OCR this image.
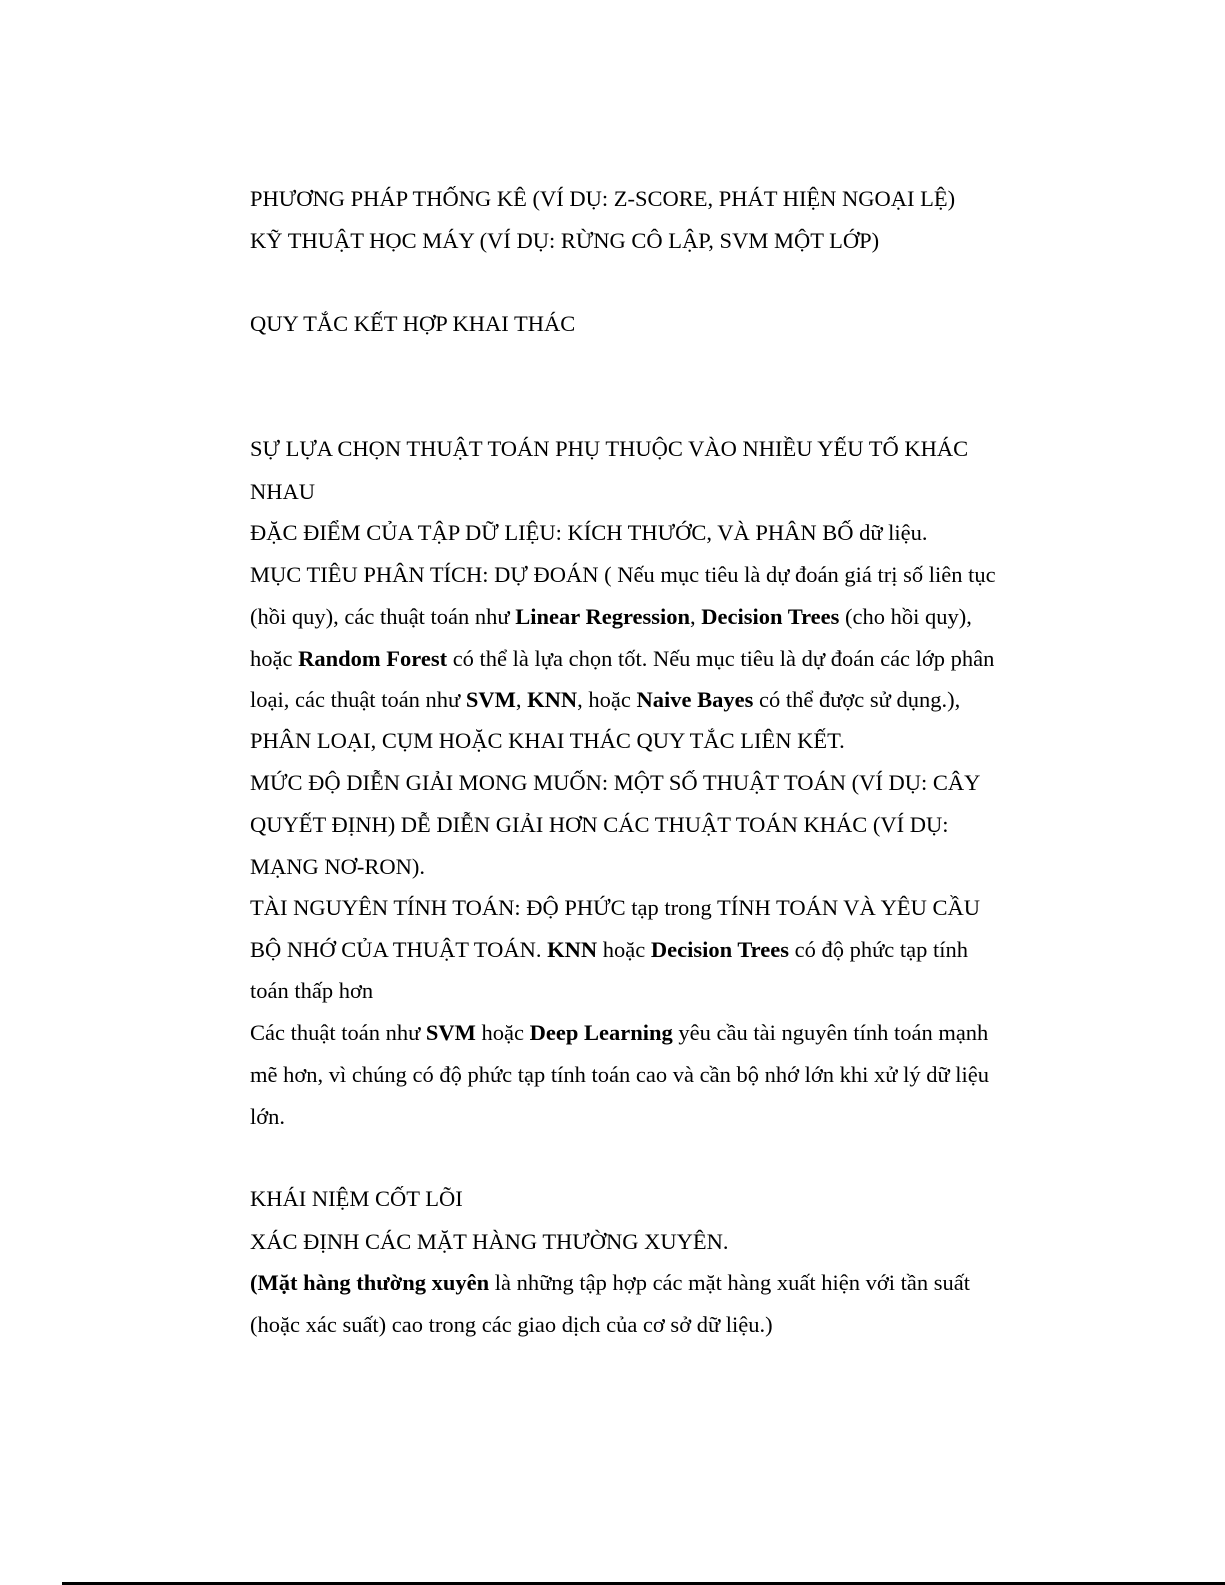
PHƯƠNG PHÁP THỐNG KÊ (VÍ DỤ: Z-SCORE, PHÁT HIỆN NGOẠI LỆ)
KỸ THUẬT HỌC MÁY (VÍ DỤ: RỪNG CÔ LẬP, SVM MỘT LỚP)
QUY TẮC KẾT HỢP KHAI THÁC
SỰ LỰA CHỌN THUẬT TOÁN PHỤ THUỘC VÀO NHIỀU YẾU TỐ KHÁC
NHAU
ĐẶC ĐIỂM CỦA TẬP DỮ LIỆU: KÍCH THƯỚC, VÀ PHÂN BỐ dữ liệu.
MỤC TIÊU PHÂN TÍCH: DỰ ĐOÁN ( Nếu mục tiêu là dự đoán giá trị số liên tục
(hồi quy), các thuật toán như Linear Regression, Decision Trees (cho hồi quy),
hoặc Random Forest có thể là lựa chọn tốt. Nếu mục tiêu là dự đoán các lớp phân
loại, các thuật toán như SVM, KNN, hoặc Naive Bayes có thể được sử dụng.),
PHÂN LOẠI, CỤM HOẶC KHAI THÁC QUY TẮC LIÊN KẾT.
MỨC ĐỘ DIỄN GIẢI MONG MUỐN: MỘT SỐ THUẬT TOÁN (VÍ DỤ: CÂY
QUYẾT ĐỊNH) DỄ DIỄN GIẢI HƠN CÁC THUẬT TOÁN KHÁC (VÍ DỤ:
MẠNG NƠ-RON).
TÀI NGUYÊN TÍNH TOÁN: ĐỘ PHỨC tạp trong TÍNH TOÁN VÀ YÊU CẦU
BỘ NHỚ CỦA THUẬT TOÁN. KNN hoặc Decision Trees có độ phức tạp tính
toán thấp hơn
Các thuật toán như SVM hoặc Deep Learning yêu cầu tài nguyên tính toán mạnh
mẽ hơn, vì chúng có độ phức tạp tính toán cao và cần bộ nhớ lớn khi xử lý dữ liệu
lớn.
KHÁI NIỆM CỐT LÕI
XÁC ĐỊNH CÁC MẶT HÀNG THƯỜNG XUYÊN.
(Mặt hàng thường xuyên là những tập hợp các mặt hàng xuất hiện với tần suất
(hoặc xác suất) cao trong các giao dịch của cơ sở dữ liệu.)
